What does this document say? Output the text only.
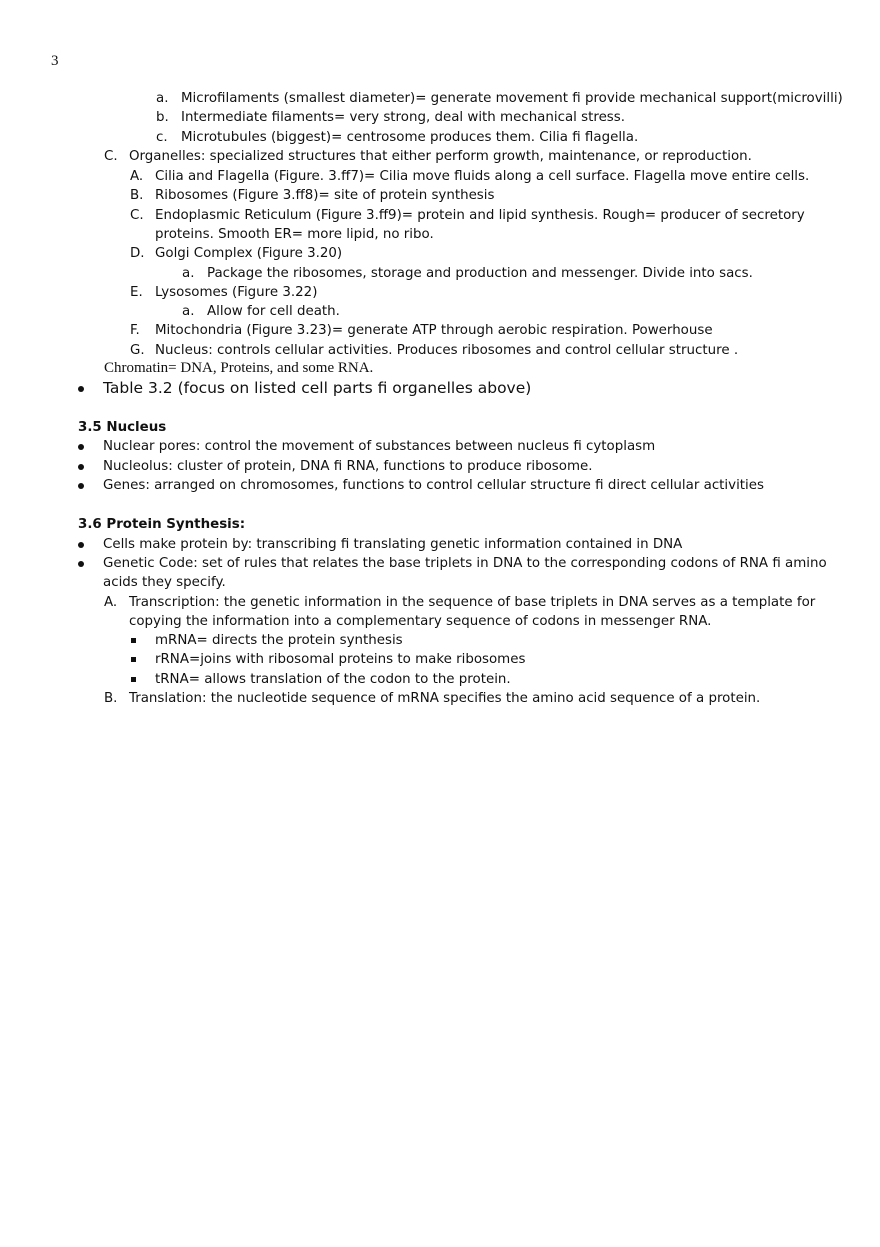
3
a. Microfilaments (smallest diameter)= generate movement ﬁ provide mechanical support(microvilli)
b. Intermediate filaments= very strong, deal with mechanical stress.
c. Microtubules (biggest)= centrosome produces them. Cilia ﬁ flagella.
C. Organelles: specialized structures that either perform growth, maintenance, or reproduction.
A. Cilia and Flagella (Figure. 3.ﬀ7)= Cilia move fluids along a cell surface. Flagella move entire cells.
B. Ribosomes (Figure 3.ﬀ8)= site of protein synthesis
C. Endoplasmic Reticulum (Figure 3.ﬀ9)= protein and lipid synthesis. Rough= producer of secretory
proteins. Smooth ER= more lipid, no ribo.
D. Golgi Complex (Figure 3.20)
a. Package the ribosomes, storage and production and messenger. Divide into sacs.
E. Lysosomes (Figure 3.22)
a. Allow for cell death.
F. Mitochondria (Figure 3.23)= generate ATP through aerobic respiration. Powerhouse
G. Nucleus: controls cellular activities. Produces ribosomes and control cellular structure .
Chromatin= DNA, Proteins, and some RNA.
Table 3.2 (focus on listed cell parts ﬁ organelles above)
3.5 Nucleus
Nuclear pores: control the movement of substances between nucleus ﬁ cytoplasm
Nucleolus: cluster of protein, DNA ﬁ RNA, functions to produce ribosome.
Genes: arranged on chromosomes, functions to control cellular structure ﬁ direct cellular activities
3.6 Protein Synthesis:
Cells make protein by: transcribing ﬁ translating genetic information contained in DNA
Genetic Code: set of rules that relates the base triplets in DNA to the corresponding codons of RNA ﬁ amino
acids they specify.
A. Transcription: the genetic information in the sequence of base triplets in DNA serves as a template for
copying the information into a complementary sequence of codons in messenger RNA.
mRNA= directs the protein synthesis
rRNA=joins with ribosomal proteins to make ribosomes
tRNA= allows translation of the codon to the protein.
B. Translation: the nucleotide sequence of mRNA specifies the amino acid sequence of a protein.
